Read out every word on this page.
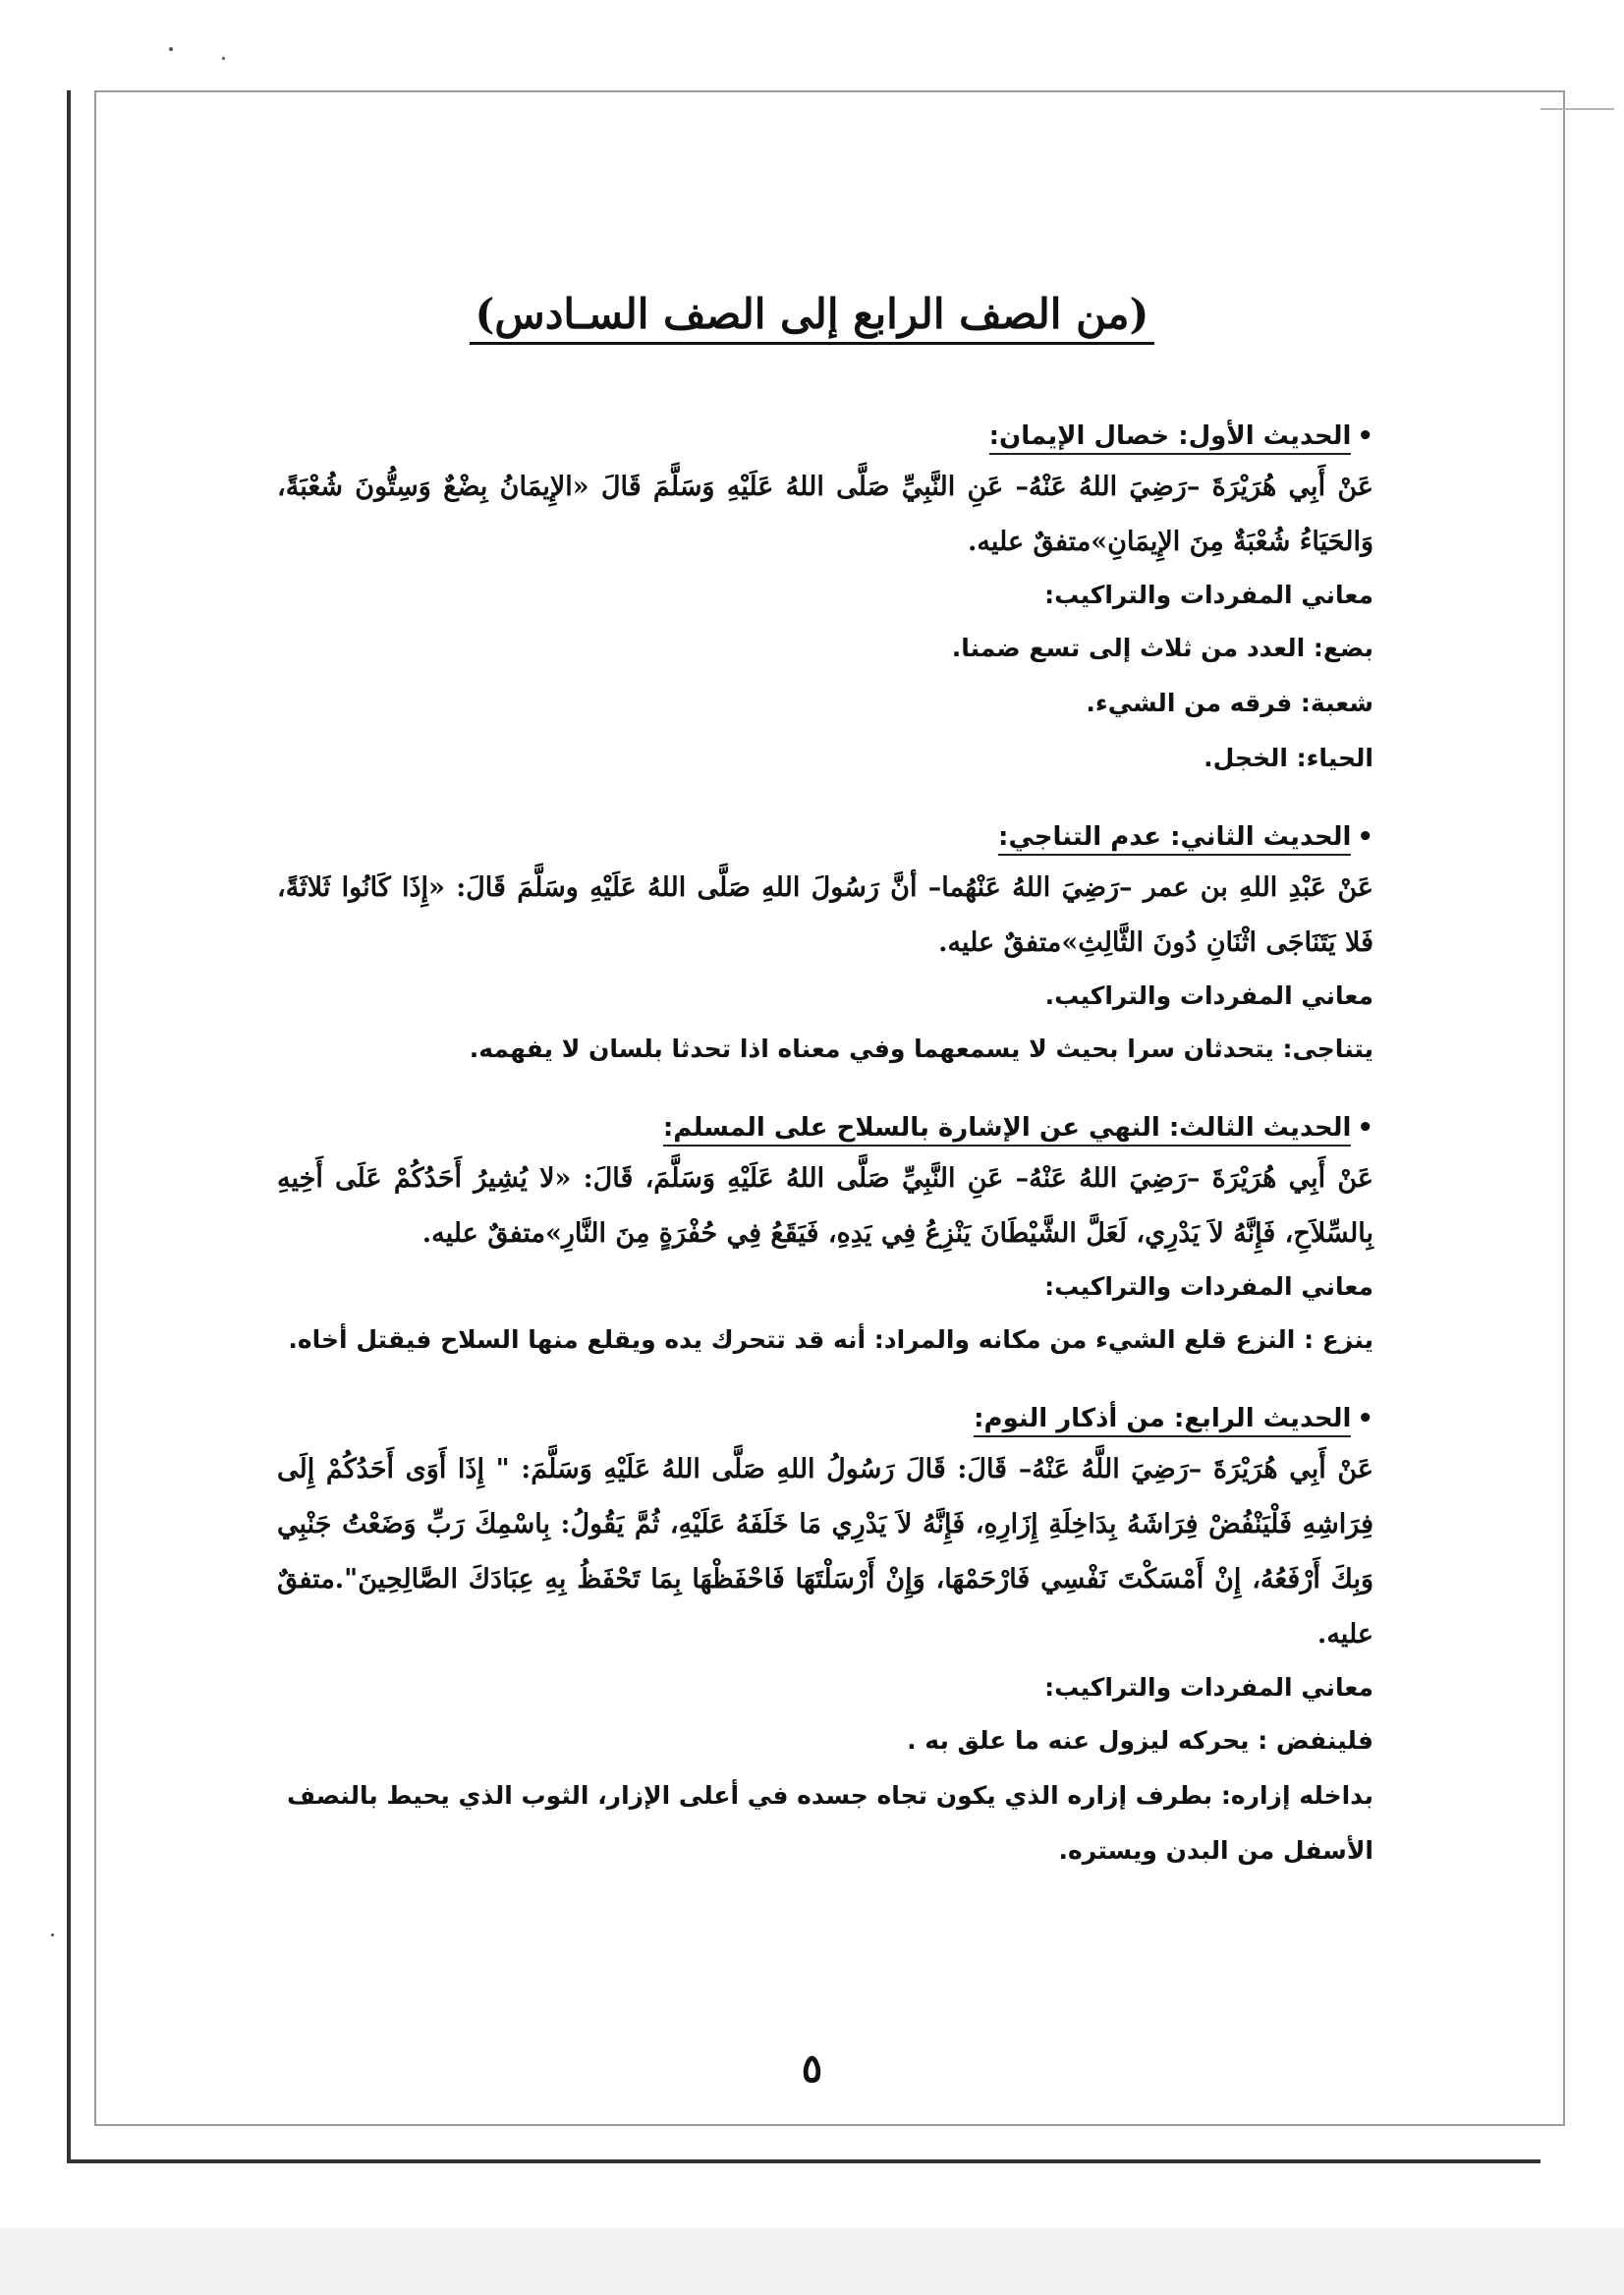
(من الصف الرابع إلى الصف السـادس)

•الحديث الأول: خصال الإيمان:

عَنْ أَبِي هُرَيْرَةَ –رَضِيَ اللهُ عَنْهُ– عَنِ النَّبِيِّ صَلَّى اللهُ عَلَيْهِ وَسَلَّمَ قَالَ «الإِيمَانُ بِضْعٌ وَسِتُّونَ شُعْبَةً، وَالحَيَاءُ شُعْبَةٌ مِنَ الإِيمَانِ»متفقٌ عليه.

معاني المفردات والتراكيب:

بضع: العدد من ثلاث إلى تسع ضمنا.

شعبة: فرقه من الشيء.

الحياء: الخجل.

•الحديث الثاني: عدم التناجي:

عَنْ عَبْدِ اللهِ بن عمر –رَضِيَ اللهُ عَنْهُما– أنَّ رَسُولَ اللهِ صَلَّى اللهُ عَلَيْهِ وسَلَّمَ قَالَ: «إِذَا كَانُوا ثَلاثَةً، فَلا يَتَنَاجَى اثْنَانِ دُونَ الثَّالِثِ»متفقٌ عليه.

معاني المفردات والتراكيب.

يتناجى: يتحدثان سرا بحيث لا يسمعهما وفي معناه اذا تحدثا بلسان لا يفهمه.

•الحديث الثالث: النهي عن الإشارة بالسلاح على المسلم:

عَنْ أَبِي هُرَيْرَةَ –رَضِيَ اللهُ عَنْهُ– عَنِ النَّبِيِّ صَلَّى اللهُ عَلَيْهِ وَسَلَّمَ، قَالَ: «لا يُشِيرُ أَحَدُكُمْ عَلَى أَخِيهِ بِالسِّلاَحِ، فَإِنَّهُ لاَ يَدْرِي، لَعَلَّ الشَّيْطَانَ يَنْزِعُ فِي يَدِهِ، فَيَقَعُ فِي حُفْرَةٍ مِنَ النَّارِ»متفقٌ عليه.

معاني المفردات والتراكيب:

ينزع : النزع قلع الشيء من مكانه والمراد: أنه قد تتحرك يده ويقلع منها السلاح فيقتل أخاه.

•الحديث الرابع: من أذكار النوم:

عَنْ أَبِي هُرَيْرَةَ –رَضِيَ اللَّهُ عَنْهُ– قَالَ: قَالَ رَسُولُ اللهِ صَلَّى اللهُ عَلَيْهِ وَسَلَّمَ: " إِذَا أَوَى أَحَدُكُمْ إِلَى فِرَاشِهِ فَلْيَنْفُضْ فِرَاشَهُ بِدَاخِلَةِ إِزَارِهِ، فَإِنَّهُ لاَ يَدْرِي مَا خَلَفَهُ عَلَيْهِ، ثُمَّ يَقُولُ: بِاسْمِكَ رَبِّ وَضَعْتُ جَنْبِي وَبِكَ أَرْفَعُهُ، إِنْ أَمْسَكْتَ نَفْسِي فَارْحَمْهَا، وَإِنْ أَرْسَلْتَهَا فَاحْفَظْهَا بِمَا تَحْفَظُ بِهِ عِبَادَكَ الصَّالِحِينَ".متفقٌ عليه.

معاني المفردات والتراكيب:

فلينفض : يحركه ليزول عنه ما علق به .

بداخله إزاره: بطرف إزاره الذي يكون تجاه جسده في أعلى الإزار، الثوب الذي يحيط بالنصف الأسفل من البدن ويستره.

٥
